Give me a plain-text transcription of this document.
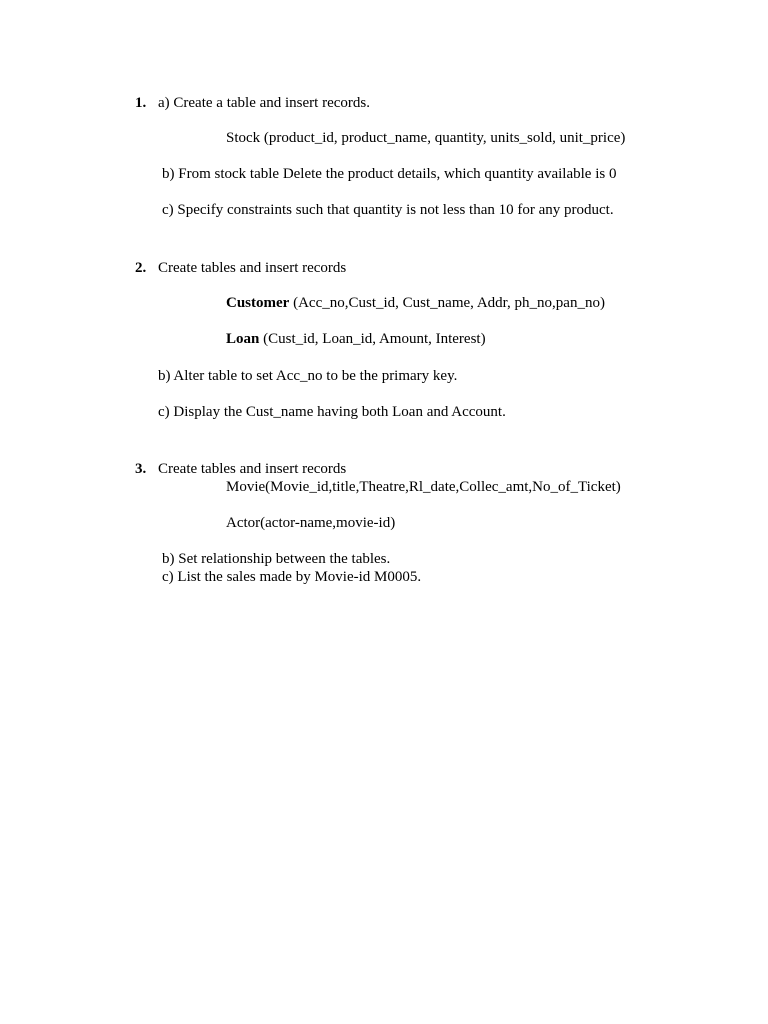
1. a) Create a table and insert records.
Stock (product_id, product_name, quantity, units_sold, unit_price)
b) From stock table Delete the product details, which quantity available is 0
c) Specify constraints such that quantity is not less than 10 for any product.
2. Create tables and insert records
Customer (Acc_no,Cust_id, Cust_name, Addr, ph_no,pan_no)
Loan (Cust_id, Loan_id, Amount, Interest)
b) Alter table to set Acc_no to be the primary key.
c) Display the Cust_name having both Loan and Account.
3. Create tables and insert records
Movie(Movie_id,title,Theatre,Rl_date,Collec_amt,No_of_Ticket)
Actor(actor-name,movie-id)
b) Set relationship between the tables.
c) List the sales made by Movie-id M0005.
